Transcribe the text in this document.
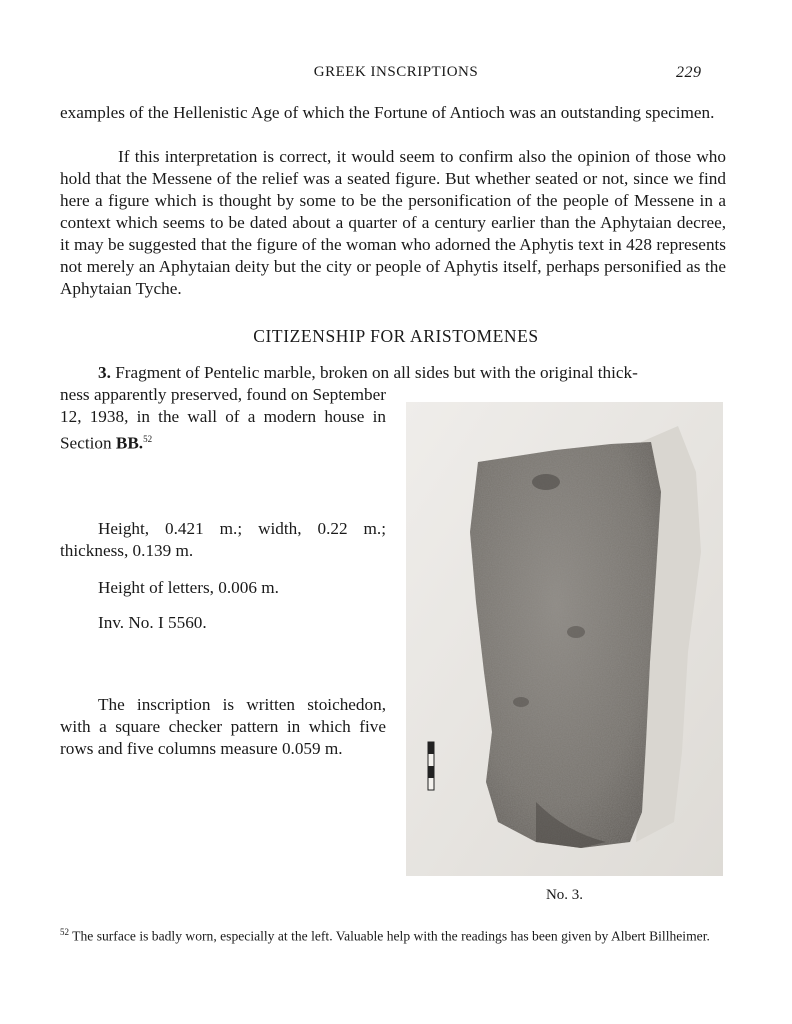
GREEK INSCRIPTIONS	229
examples of the Hellenistic Age of which the Fortune of Antioch was an outstanding specimen.
If this interpretation is correct, it would seem to confirm also the opinion of those who hold that the Messene of the relief was a seated figure. But whether seated or not, since we find here a figure which is thought by some to be the personification of the people of Messene in a context which seems to be dated about a quarter of a century earlier than the Aphytaian decree, it may be suggested that the figure of the woman who adorned the Aphytis text in 428 represents not merely an Aphytaian deity but the city or people of Aphytis itself, perhaps personified as the Aphytaian Tyche.
CITIZENSHIP FOR ARISTOMENES
3. Fragment of Pentelic marble, broken on all sides but with the original thick-
ness apparently preserved, found on September 12, 1938, in the wall of a modern house in Section BB.$^{52}$
Height, 0.421 m.; width, 0.22 m.; thickness, 0.139 m.
Height of letters, 0.006 m.
Inv. No. I 5560.
The inscription is written stoichedon, with a square checker pattern in which five rows and five columns measure 0.059 m.
No. 3.
$^{52}$ The surface is badly worn, especially at the left. Valuable help with the readings has been given by Albert Billheimer.
